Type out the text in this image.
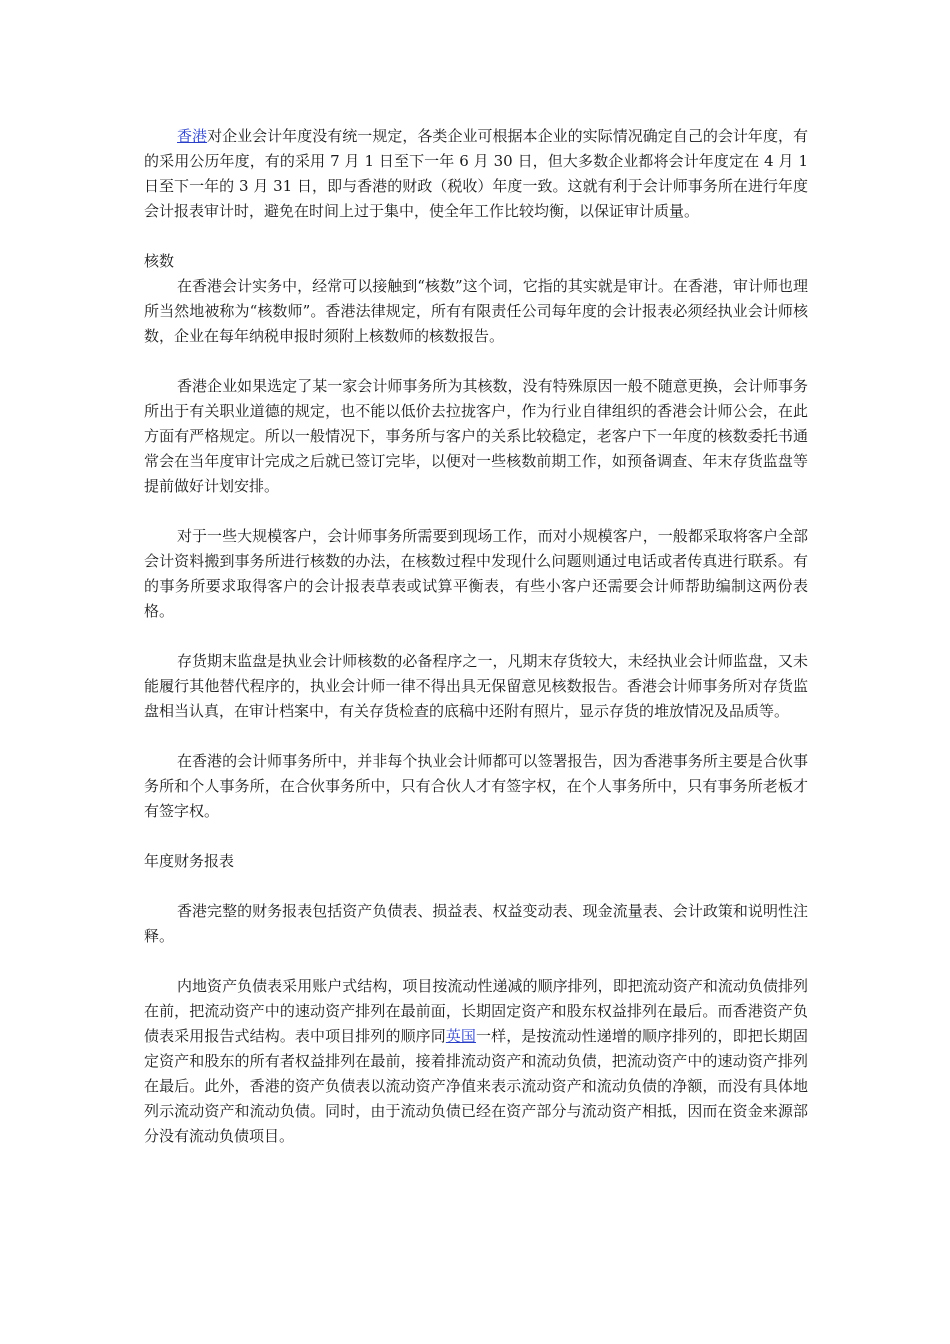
香港对企业会计年度没有统一规定，各类企业可根据本企业的实际情况确定自己的会计年度，有的采用公历年度，有的采用 7 月 1 日至下一年 6 月 30 日，但大多数企业都将会计年度定在 4 月 1 日至下一年的 3 月 31 日，即与香港的财政（税收）年度一致。这就有利于会计师事务所在进行年度会计报表审计时，避免在时间上过于集中，使全年工作比较均衡，以保证审计质量。

核数

在香港会计实务中，经常可以接触到“核数”这个词，它指的其实就是审计。在香港，审计师也理所当然地被称为“核数师”。香港法律规定，所有有限责任公司每年度的会计报表必须经执业会计师核数，企业在每年纳税申报时须附上核数师的核数报告。

香港企业如果选定了某一家会计师事务所为其核数，没有特殊原因一般不随意更换，会计师事务所出于有关职业道德的规定，也不能以低价去拉拢客户，作为行业自律组织的香港会计师公会，在此方面有严格规定。所以一般情况下，事务所与客户的关系比较稳定，老客户下一年度的核数委托书通常会在当年度审计完成之后就已签订完毕，以便对一些核数前期工作，如预备调查、年末存货监盘等提前做好计划安排。

对于一些大规模客户，会计师事务所需要到现场工作，而对小规模客户，一般都采取将客户全部会计资料搬到事务所进行核数的办法，在核数过程中发现什么问题则通过电话或者传真进行联系。有的事务所要求取得客户的会计报表草表或试算平衡表，有些小客户还需要会计师帮助编制这两份表格。

存货期末监盘是执业会计师核数的必备程序之一，凡期末存货较大，未经执业会计师监盘，又未能履行其他替代程序的，执业会计师一律不得出具无保留意见核数报告。香港会计师事务所对存货监盘相当认真，在审计档案中，有关存货检查的底稿中还附有照片，显示存货的堆放情况及品质等。

在香港的会计师事务所中，并非每个执业会计师都可以签署报告，因为香港事务所主要是合伙事务所和个人事务所，在合伙事务所中，只有合伙人才有签字权，在个人事务所中，只有事务所老板才有签字权。

年度财务报表

香港完整的财务报表包括资产负债表、损益表、权益变动表、现金流量表、会计政策和说明性注释。

内地资产负债表采用账户式结构，项目按流动性递减的顺序排列，即把流动资产和流动负债排列在前，把流动资产中的速动资产排列在最前面，长期固定资产和股东权益排列在最后。而香港资产负债表采用报告式结构。表中项目排列的顺序同英国一样，是按流动性递增的顺序排列的，即把长期固定资产和股东的所有者权益排列在最前，接着排流动资产和流动负债，把流动资产中的速动资产排列在最后。此外，香港的资产负债表以流动资产净值来表示流动资产和流动负债的净额，而没有具体地列示流动资产和流动负债。同时，由于流动负债已经在资产部分与流动资产相抵，因而在资金来源部分没有流动负债项目。
